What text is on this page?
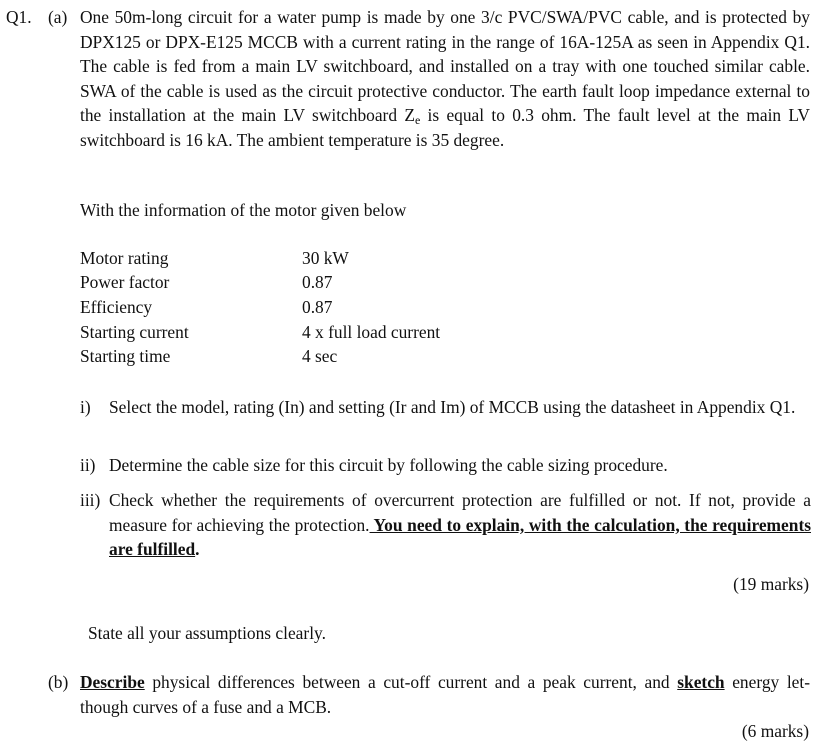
Q1. (a) One 50m-long circuit for a water pump is made by one 3/c PVC/SWA/PVC cable, and is protected by DPX125 or DPX-E125 MCCB with a current rating in the range of 16A-125A as seen in Appendix Q1. The cable is fed from a main LV switchboard, and installed on a tray with one touched similar cable. SWA of the cable is used as the circuit protective conductor. The earth fault loop impedance external to the installation at the main LV switchboard $Z_e$ is equal to 0.3 ohm. The fault level at the main LV switchboard is 16 kA. The ambient temperature is 35 degree.
With the information of the motor given below
Motor rating	30 kW
Power factor	0.87
Efficiency	0.87
Starting current	4 x full load current
Starting time	4 sec
i) Select the model, rating (In) and setting (Ir and Im) of MCCB using the datasheet in Appendix Q1.
ii) Determine the cable size for this circuit by following the cable sizing procedure.
iii) Check whether the requirements of overcurrent protection are fulfilled or not. If not, provide a measure for achieving the protection. You need to explain, with the calculation, the requirements are fulfilled.
(19 marks)
State all your assumptions clearly.
(b) Describe physical differences between a cut-off current and a peak current, and sketch energy let-though curves of a fuse and a MCB.
(6 marks)
